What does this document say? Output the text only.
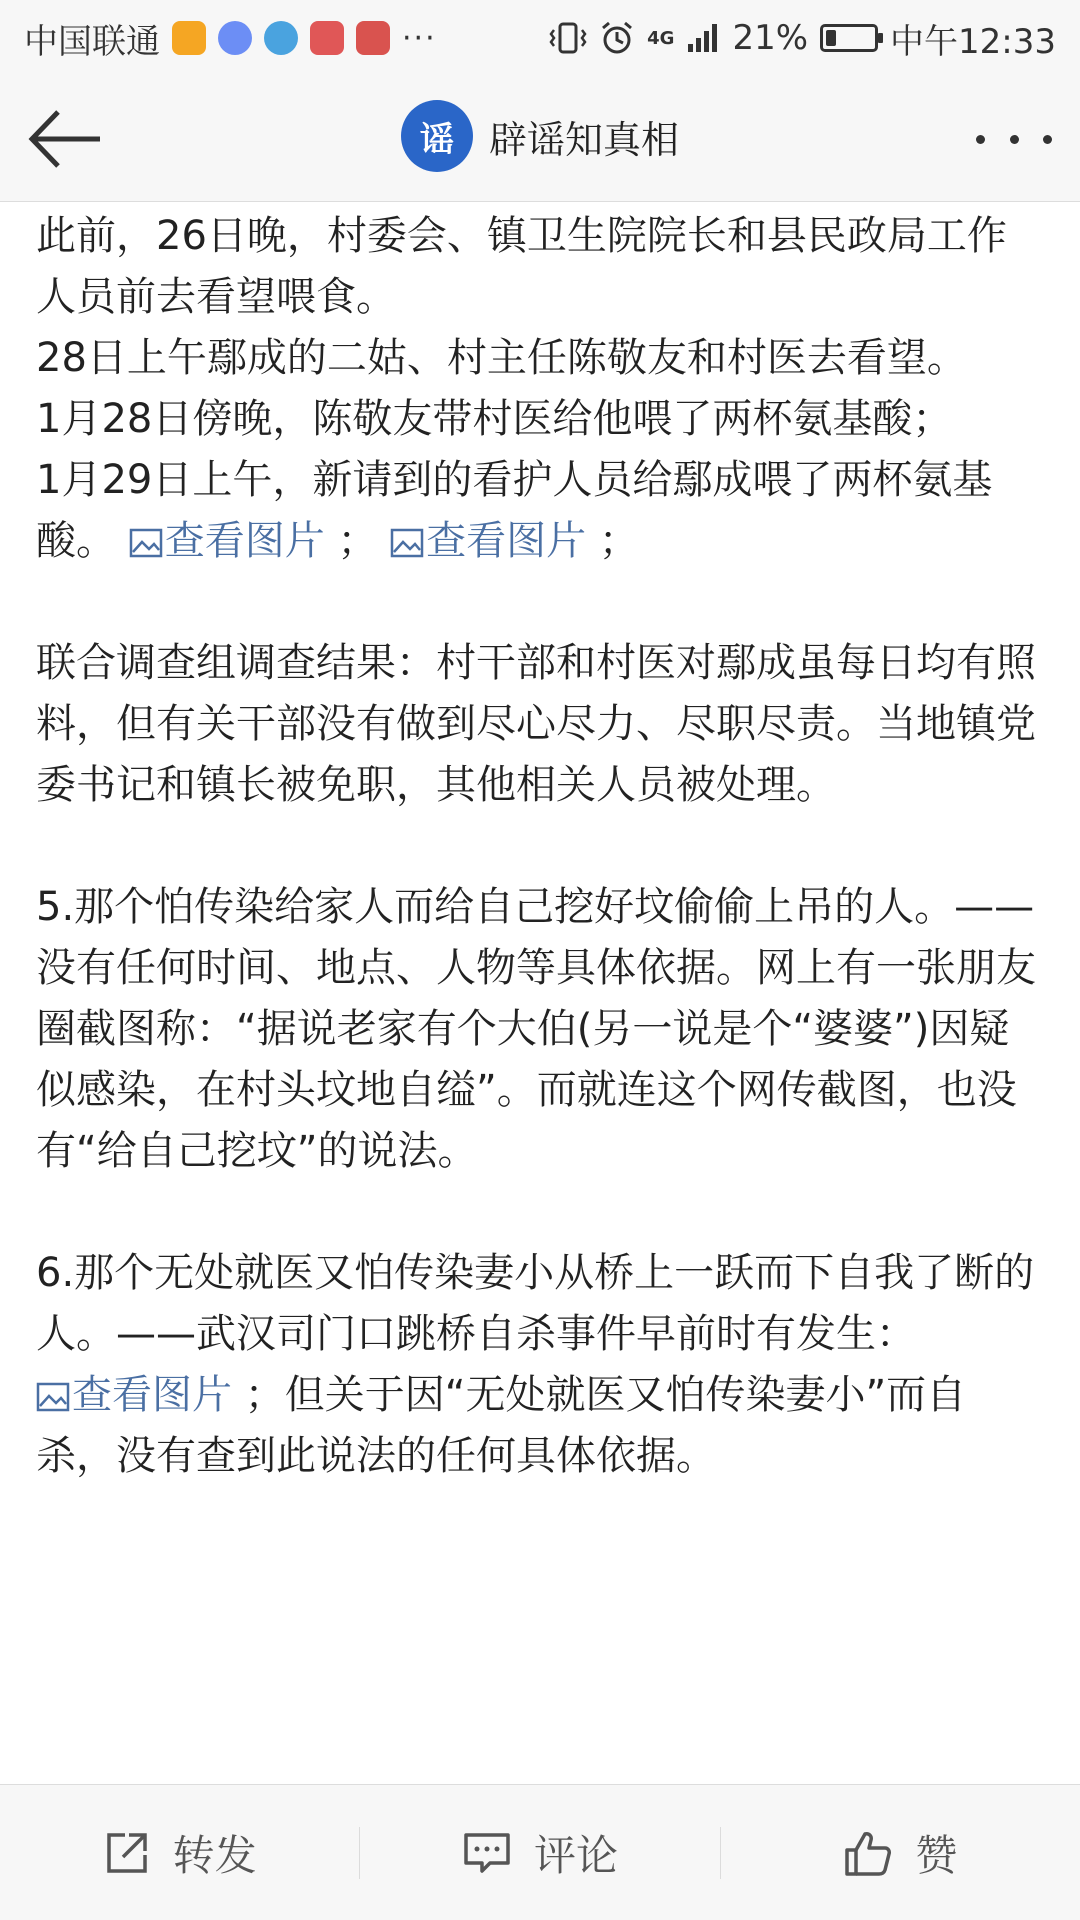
中国联通	···	4G 21% 中午12:33
谣 辟谣知真相

此前，26日晚，村委会、镇卫生院院长和县民政局工作人员前去看望喂食。

28日上午鄢成的二姑、村主任陈敬友和村医去看望。

1月28日傍晚，陈敬友带村医给他喂了两杯氨基酸；

1月29日上午，新请到的看护人员给鄢成喂了两杯氨基酸。 查看图片 ； 查看图片 ；

联合调查组调查结果：村干部和村医对鄢成虽每日均有照料，但有关干部没有做到尽心尽力、尽职尽责。当地镇党委书记和镇长被免职，其他相关人员被处理。

5.那个怕传染给家人而给自己挖好坟偷偷上吊的人。——没有任何时间、地点、人物等具体依据。网上有一张朋友圈截图称：“据说老家有个大伯(另一说是个“婆婆”)因疑似感染，在村头坟地自缢”。而就连这个网传截图，也没有“给自己挖坟”的说法。

6.那个无处就医又怕传染妻小从桥上一跃而下自我了断的人。——武汉司门口跳桥自杀事件早前时有发生： 查看图片 ；但关于因“无处就医又怕传染妻小”而自杀，没有查到此说法的任何具体依据。

转发	评论	赞
